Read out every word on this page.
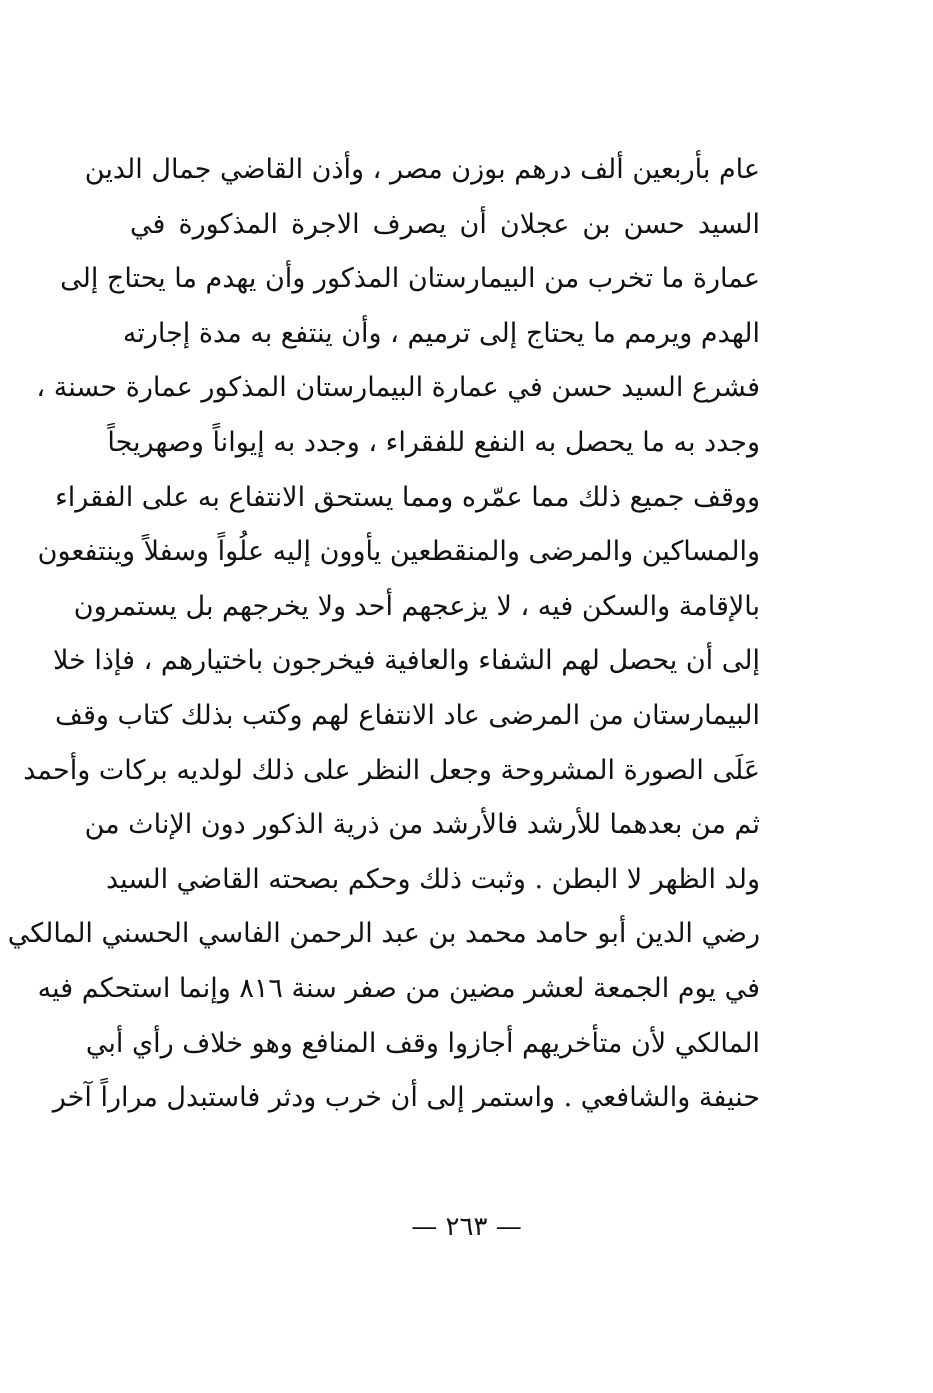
عام بأربعين ألف درهم بوزن مصر ، وأذن القاضي جمال الدين
السيد حسن بن عجلان أن يصرف الاجرة المذكورة في
عمارة ما تخرب من البيمارستان المذكور وأن يهدم ما يحتاج إلى
الهدم ويرمم ما يحتاج إلى ترميم ، وأن ينتفع به مدة إجارته
فشرع السيد حسن في عمارة البيمارستان المذكور عمارة حسنة ،
وجدد به ما يحصل به النفع للفقراء ، وجدد به إيواناً وصهريجاً
ووقف جميع ذلك مما عمّره ومما يستحق الانتفاع به على الفقراء
والمساكين والمرضى والمنقطعين يأوون إليه علُواً وسفلاً وينتفعون
بالإقامة والسكن فيه ، لا يزعجهم أحد ولا يخرجهم بل يستمرون
إلى أن يحصل لهم الشفاء والعافية فيخرجون باختيارهم ، فإذا خلا
البيمارستان من المرضى عاد الانتفاع لهم وكتب بذلك كتاب وقف
عَلَى الصورة المشروحة وجعل النظر على ذلك لولديه بركات وأحمد
ثم من بعدهما للأرشد فالأرشد من ذرية الذكور دون الإناث من
ولد الظهر لا البطن . وثبت ذلك وحكم بصحته القاضي السيد
رضي الدين أبو حامد محمد بن عبد الرحمن الفاسي الحسني المالكي
في يوم الجمعة لعشر مضين من صفر سنة ٨١٦ وإنما استحكم فيه
المالكي لأن متأخريهم أجازوا وقف المنافع وهو خلاف رأي أبي
حنيفة والشافعي . واستمر إلى أن خرب ودثر فاستبدل مراراً آخر
— ٢٦٣ —
